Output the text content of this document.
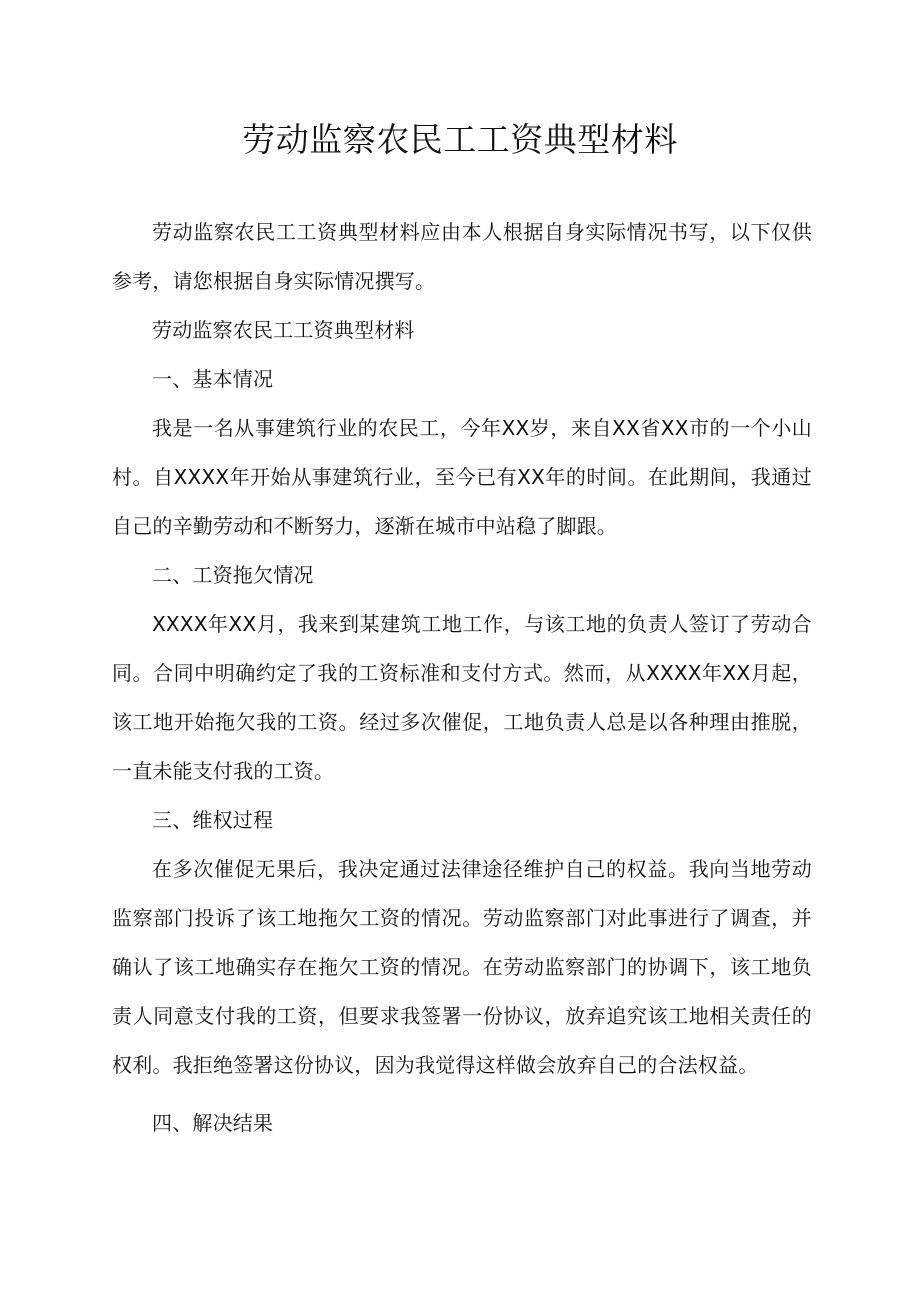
劳动监察农民工工资典型材料

劳动监察农民工工资典型材料应由本人根据自身实际情况书写，以下仅供参考，请您根据自身实际情况撰写。

劳动监察农民工工资典型材料

一、基本情况

我是一名从事建筑行业的农民工，今年XX岁，来自XX省XX市的一个小山村。自XXXX年开始从事建筑行业，至今已有XX年的时间。在此期间，我通过自己的辛勤劳动和不断努力，逐渐在城市中站稳了脚跟。

二、工资拖欠情况

XXXX年XX月，我来到某建筑工地工作，与该工地的负责人签订了劳动合同。合同中明确约定了我的工资标准和支付方式。然而，从XXXX年XX月起，该工地开始拖欠我的工资。经过多次催促，工地负责人总是以各种理由推脱，一直未能支付我的工资。

三、维权过程

在多次催促无果后，我决定通过法律途径维护自己的权益。我向当地劳动监察部门投诉了该工地拖欠工资的情况。劳动监察部门对此事进行了调查，并确认了该工地确实存在拖欠工资的情况。在劳动监察部门的协调下，该工地负责人同意支付我的工资，但要求我签署一份协议，放弃追究该工地相关责任的权利。我拒绝签署这份协议，因为我觉得这样做会放弃自己的合法权益。

四、解决结果
